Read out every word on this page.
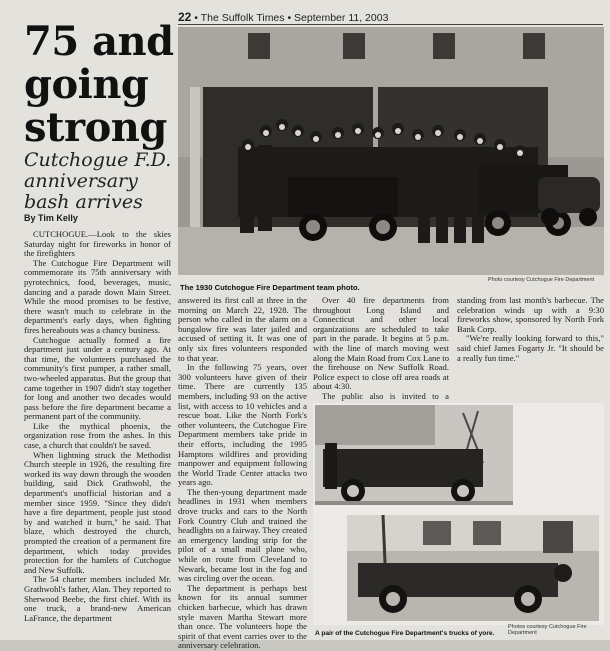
22 • The Suffolk Times • September 11, 2003
75 and
going
strong
Cutchogue F.D. anniversary bash arrives
By Tim Kelly
The 1930 Cutchogue Fire Department team photo.
Photo courtesy Cutchogue Fire Department

CUTCHOGUE.—Look to the skies Saturday night for fireworks in honor of the firefighters

The Cutchogue Fire Department will commemorate its 75th anniversary with pyrotechnics, food, beverages, music, dancing and a parade down Main Street. While the mood promises to be festive, there wasn't much to celebrate in the department's early days, when fighting fires hereabouts was a chancy business.

Cutchogue actually formed a fire department just under a century ago. At that time, the volunteers purchased the community's first pumper, a rather small, two-wheeled apparatus. But the group that came together in 1907 didn't stay together for long and another two decades would pass before the fire department became a permanent part of the community.

Like the mythical phoenix, the organization rose from the ashes. In this case, a church that couldn't be saved.

When lightning struck the Methodist Church steeple in 1926, the resulting fire worked its way down through the wooden building, said Dick Grathwohl, the department's unofficial historian and a member since 1959. "Since they didn't have a fire department, people just stood by and watched it burn," he said. That blaze, which destroyed the church, prompted the creation of a permanent fire department, which today provides protection for the hamlets of Cutchogue and New Suffolk.

The 54 charter members included Mr. Grathwohl's father, Alan. They reported to Sherwood Beebe, the first chief. With its one truck, a brand-new American LaFrance, the department

answered its first call at three in the morning on March 22, 1928. The person who called in the alarm on a bungalow fire was later jailed and accused of setting it. It was one of only six fires volunteers responded to that year.

In the following 75 years, over 300 volunteers have given of their time. There are currently 135 members, including 93 on the active list, with access to 10 vehicles and a rescue boat. Like the North Fork's other volunteers, the Cutchogue Fire Department members take pride in their efforts, including the 1995 Hamptons wildfires and providing manpower and equipment following the World Trade Center attacks two years ago.

The then-young department made headlines in 1931 when members drove trucks and cars to the North Fork Country Club and trained the headlights on a fairway. They created an emergency landing strip for the pilot of a small mail plane who, while on route from Cleveland to Newark, became lost in the fog and was circling over the ocean.

The department is perhaps best known for its annual summer chicken barbecue, which has drawn style maven Martha Stewart more than once. The volunteers hope the spirit of that event carries over to the anniversary celebration.

Over 40 fire departments from throughout Long Island and Connecticut and other local organizations are scheduled to take part in the parade. It begins at 5 p.m. with the line of march moving west along the Main Road from Cox Lane to the firehouse on New Suffolk Road. Police expect to close off area roads at about 4:30.

The public also is invited to a

standing from last month's barbecue. The celebration winds up with a 9:30 fireworks show, sponsored by North Fork Bank Corp.

"We're really looking forward to this," said chief James Fogarty Jr. "It should be a really fun time."

Photos courtesy Cutchogue Fire Department
A pair of the Cutchogue Fire Department's trucks of yore.
